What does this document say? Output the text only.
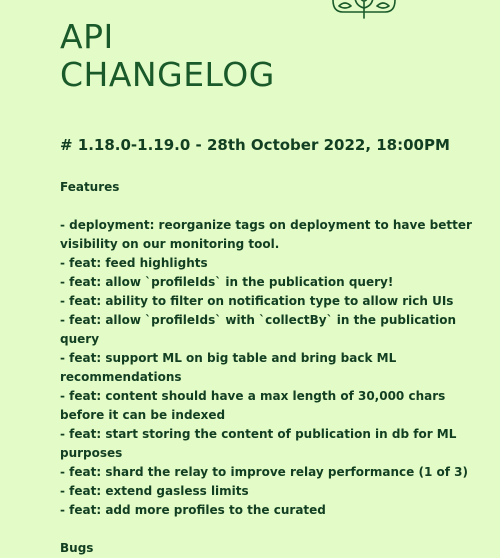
API
CHANGELOG
# 1.18.0-1.19.0 - 28th October 2022, 18:00PM

Features

- deployment: reorganize tags on deployment to have better visibility on our monitoring tool.
- feat: feed highlights
- feat: allow `profileIds` in the publication query!
- feat: ability to filter on notification type to allow rich UIs
- feat: allow `profileIds` with `collectBy` in the publication query
- feat: support ML on big table and bring back ML recommendations
- feat: content should have a max length of 30,000 chars before it can be indexed
- feat: start storing the content of publication in db for ML purposes
- feat: shard the relay to improve relay performance (1 of 3)
- feat: extend gasless limits
- feat: add more profiles to the curated

Bugs
